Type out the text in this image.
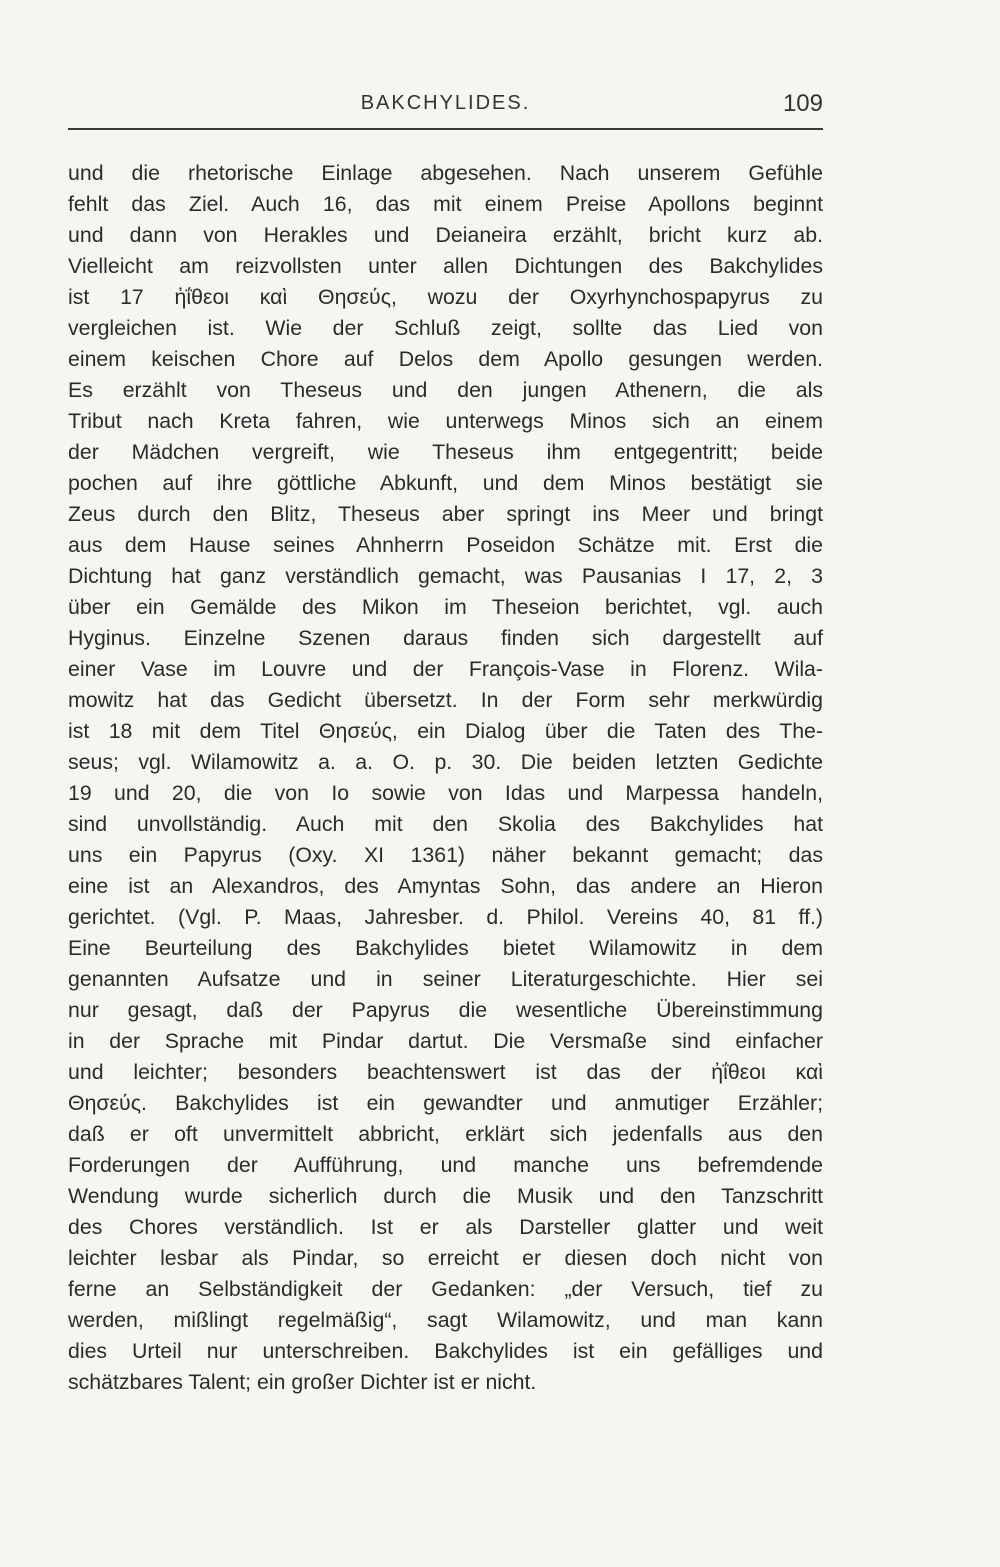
BAKCHYLIDES.	109
und die rhetorische Einlage abgesehen. Nach unserem Gefühle
fehlt das Ziel. Auch 16, das mit einem Preise Apollons beginnt
und dann von Herakles und Deianeira erzählt, bricht kurz ab.
Vielleicht am reizvollsten unter allen Dichtungen des Bakchylides
ist 17 ἠΐθεοι καὶ Θησεύς, wozu der Oxyrhynchospapyrus zu
vergleichen ist. Wie der Schluß zeigt, sollte das Lied von
einem keischen Chore auf Delos dem Apollo gesungen werden.
Es erzählt von Theseus und den jungen Athenern, die als
Tribut nach Kreta fahren, wie unterwegs Minos sich an einem
der Mädchen vergreift, wie Theseus ihm entgegentritt; beide
pochen auf ihre göttliche Abkunft, und dem Minos bestätigt sie
Zeus durch den Blitz, Theseus aber springt ins Meer und bringt
aus dem Hause seines Ahnherrn Poseidon Schätze mit. Erst die
Dichtung hat ganz verständlich gemacht, was Pausanias I 17, 2, 3
über ein Gemälde des Mikon im Theseion berichtet, vgl. auch
Hyginus. Einzelne Szenen daraus finden sich dargestellt auf
einer Vase im Louvre und der François-Vase in Florenz. Wila-
mowitz hat das Gedicht übersetzt. In der Form sehr merkwürdig
ist 18 mit dem Titel Θησεύς, ein Dialog über die Taten des The-
seus; vgl. Wilamowitz a. a. O. p. 30. Die beiden letzten Gedichte
19 und 20, die von Io sowie von Idas und Marpessa handeln,
sind unvollständig. Auch mit den Skolia des Bakchylides hat
uns ein Papyrus (Oxy. XI 1361) näher bekannt gemacht; das
eine ist an Alexandros, des Amyntas Sohn, das andere an Hieron
gerichtet. (Vgl. P. Maas, Jahresber. d. Philol. Vereins 40, 81 ff.)
Eine Beurteilung des Bakchylides bietet Wilamowitz in dem
genannten Aufsatze und in seiner Literaturgeschichte. Hier sei
nur gesagt, daß der Papyrus die wesentliche Übereinstimmung
in der Sprache mit Pindar dartut. Die Versmaße sind einfacher
und leichter; besonders beachtenswert ist das der ἠΐθεοι καὶ
Θησεύς. Bakchylides ist ein gewandter und anmutiger Erzähler;
daß er oft unvermittelt abbricht, erklärt sich jedenfalls aus den
Forderungen der Aufführung, und manche uns befremdende
Wendung wurde sicherlich durch die Musik und den Tanzschritt
des Chores verständlich. Ist er als Darsteller glatter und weit
leichter lesbar als Pindar, so erreicht er diesen doch nicht von
ferne an Selbständigkeit der Gedanken: „der Versuch, tief zu
werden, mißlingt regelmäßig“, sagt Wilamowitz, und man kann
dies Urteil nur unterschreiben. Bakchylides ist ein gefälliges und
schätzbares Talent; ein großer Dichter ist er nicht.
